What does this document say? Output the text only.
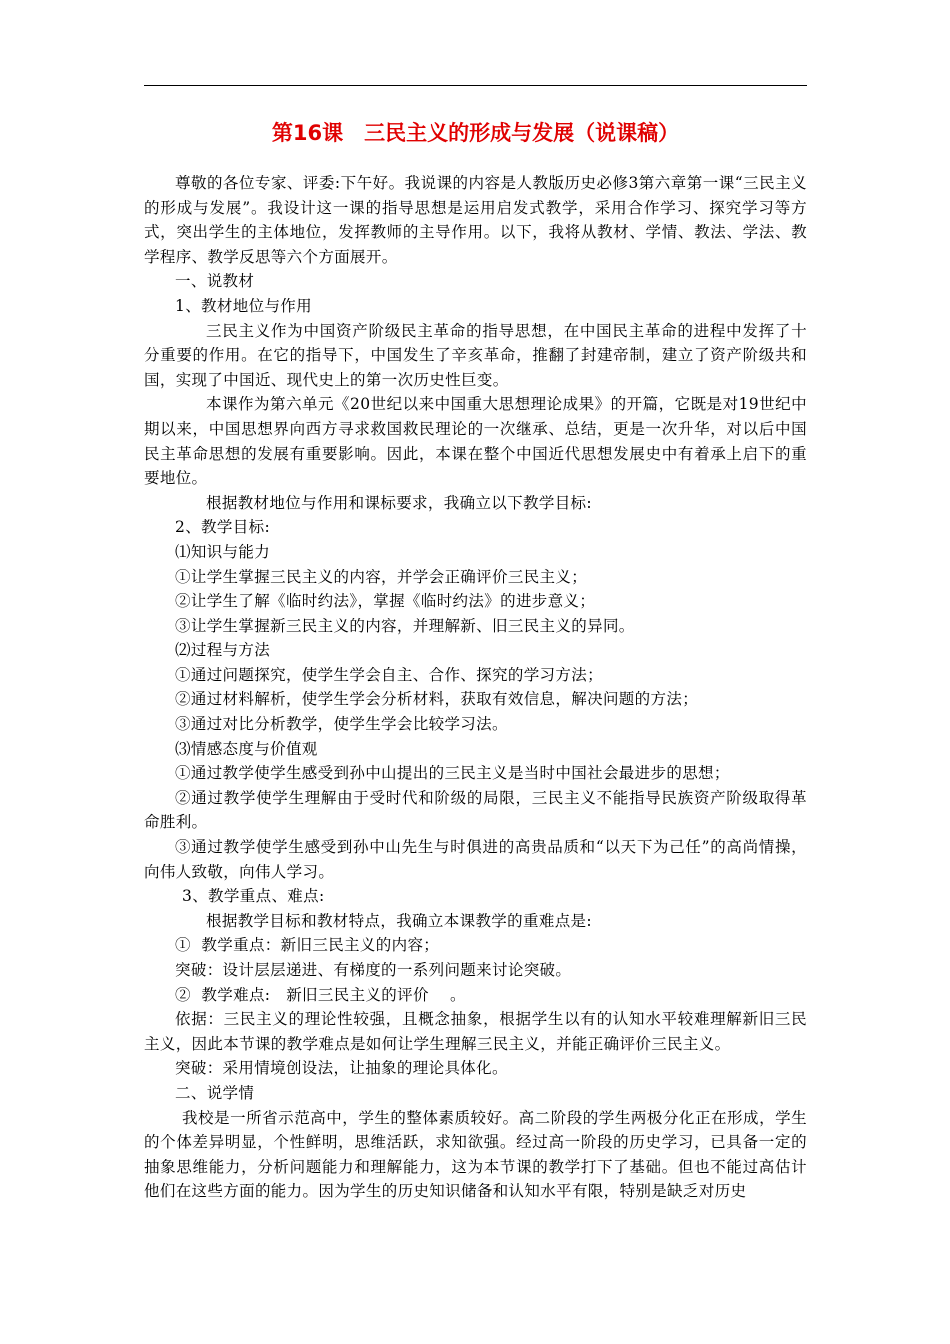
第16课　三民主义的形成与发展（说课稿）

尊敬的各位专家、评委:下午好。我说课的内容是人教版历史必修3第六章第一课“三民主义的形成与发展”。我设计这一课的指导思想是运用启发式教学，采用合作学习、探究学习等方式，突出学生的主体地位，发挥教师的主导作用。以下，我将从教材、学情、教法、学法、教学程序、教学反思等六个方面展开。

一、说教材

1、教材地位与作用

三民主义作为中国资产阶级民主革命的指导思想，在中国民主革命的进程中发挥了十分重要的作用。在它的指导下，中国发生了辛亥革命，推翻了封建帝制，建立了资产阶级共和国，实现了中国近、现代史上的第一次历史性巨变。

本课作为第六单元《20世纪以来中国重大思想理论成果》的开篇，它既是对19世纪中期以来，中国思想界向西方寻求救国救民理论的一次继承、总结，更是一次升华，对以后中国民主革命思想的发展有重要影响。因此，本课在整个中国近代思想发展史中有着承上启下的重要地位。

根据教材地位与作用和课标要求，我确立以下教学目标:

2、教学目标:

⑴知识与能力

①让学生掌握三民主义的内容，并学会正确评价三民主义；

②让学生了解《临时约法》，掌握《临时约法》的进步意义；

③让学生掌握新三民主义的内容，并理解新、旧三民主义的异同。

⑵过程与方法

①通过问题探究，使学生学会自主、合作、探究的学习方法；

②通过材料解析，使学生学会分析材料，获取有效信息，解决问题的方法；

③通过对比分析教学，使学生学会比较学习法。

⑶情感态度与价值观

①通过教学使学生感受到孙中山提出的三民主义是当时中国社会最进步的思想；

②通过教学使学生理解由于受时代和阶级的局限，三民主义不能指导民族资产阶级取得革命胜利。

③通过教学使学生感受到孙中山先生与时俱进的高贵品质和“以天下为己任”的高尚情操，向伟人致敬，向伟人学习。

3、教学重点、难点:

根据教学目标和教材特点，我确立本课教学的重难点是:

①  教学重点：新旧三民主义的内容；

突破：设计层层递进、有梯度的一系列问题来讨论突破。

②  教学难点:   新旧三民主义的评价    。

依据：三民主义的理论性较强，且概念抽象，根据学生以有的认知水平较难理解新旧三民主义，因此本节课的教学难点是如何让学生理解三民主义，并能正确评价三民主义。

突破：采用情境创设法，让抽象的理论具体化。

二、说学情

我校是一所省示范高中，学生的整体素质较好。高二阶段的学生两极分化正在形成，学生的个体差异明显，个性鲜明，思维活跃，求知欲强。经过高一阶段的历史学习，已具备一定的抽象思维能力，分析问题能力和理解能力，这为本节课的教学打下了基础。但也不能过高估计他们在这些方面的能力。因为学生的历史知识储备和认知水平有限，特别是缺乏对历史
